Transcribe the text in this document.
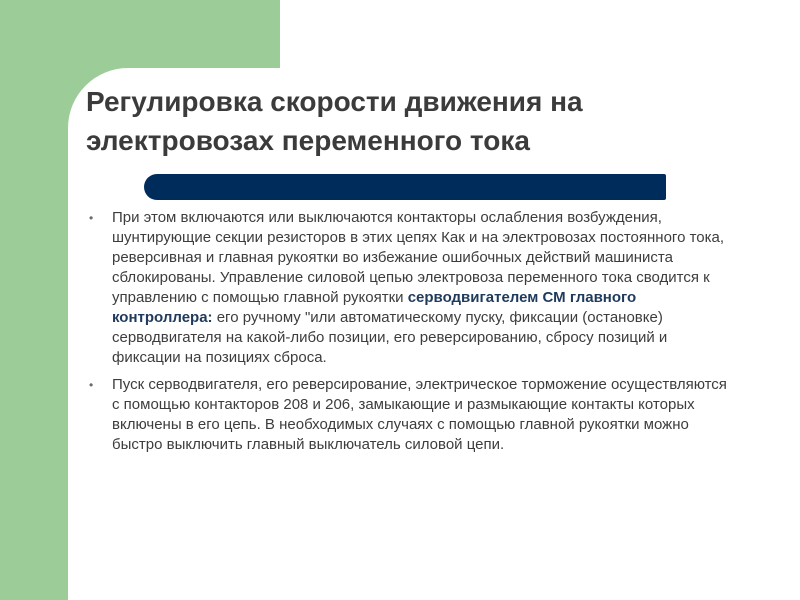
Регулировка скорости движения на электровозах переменного тока
•	При этом включаются или выключаются контакторы ослабления возбуждения, шунтирующие секции резисторов в этих цепях Как и на электровозах постоянного тока, реверсивная и главная рукоятки во избежание ошибочных действий машиниста сблокированы. Управление силовой цепью электровоза переменного тока сводится к управлению с помощью главной рукоятки серводвигателем СМ главного контроллера: его ручному "или автоматическому пуску, фиксации (остановке) серводвигателя на какой-либо позиции, его реверсированию, сбросу позиций и фиксации на позициях сброса.
•	Пуск серводвигателя, его реверсирование, электрическое торможение осуществляются с помощью контакторов 208 и 206, замыкающие и размыкающие контакты которых включены в его цепь. В необходимых случаях с помощью главной рукоятки можно быстро выключить главный выключатель силовой цепи.
